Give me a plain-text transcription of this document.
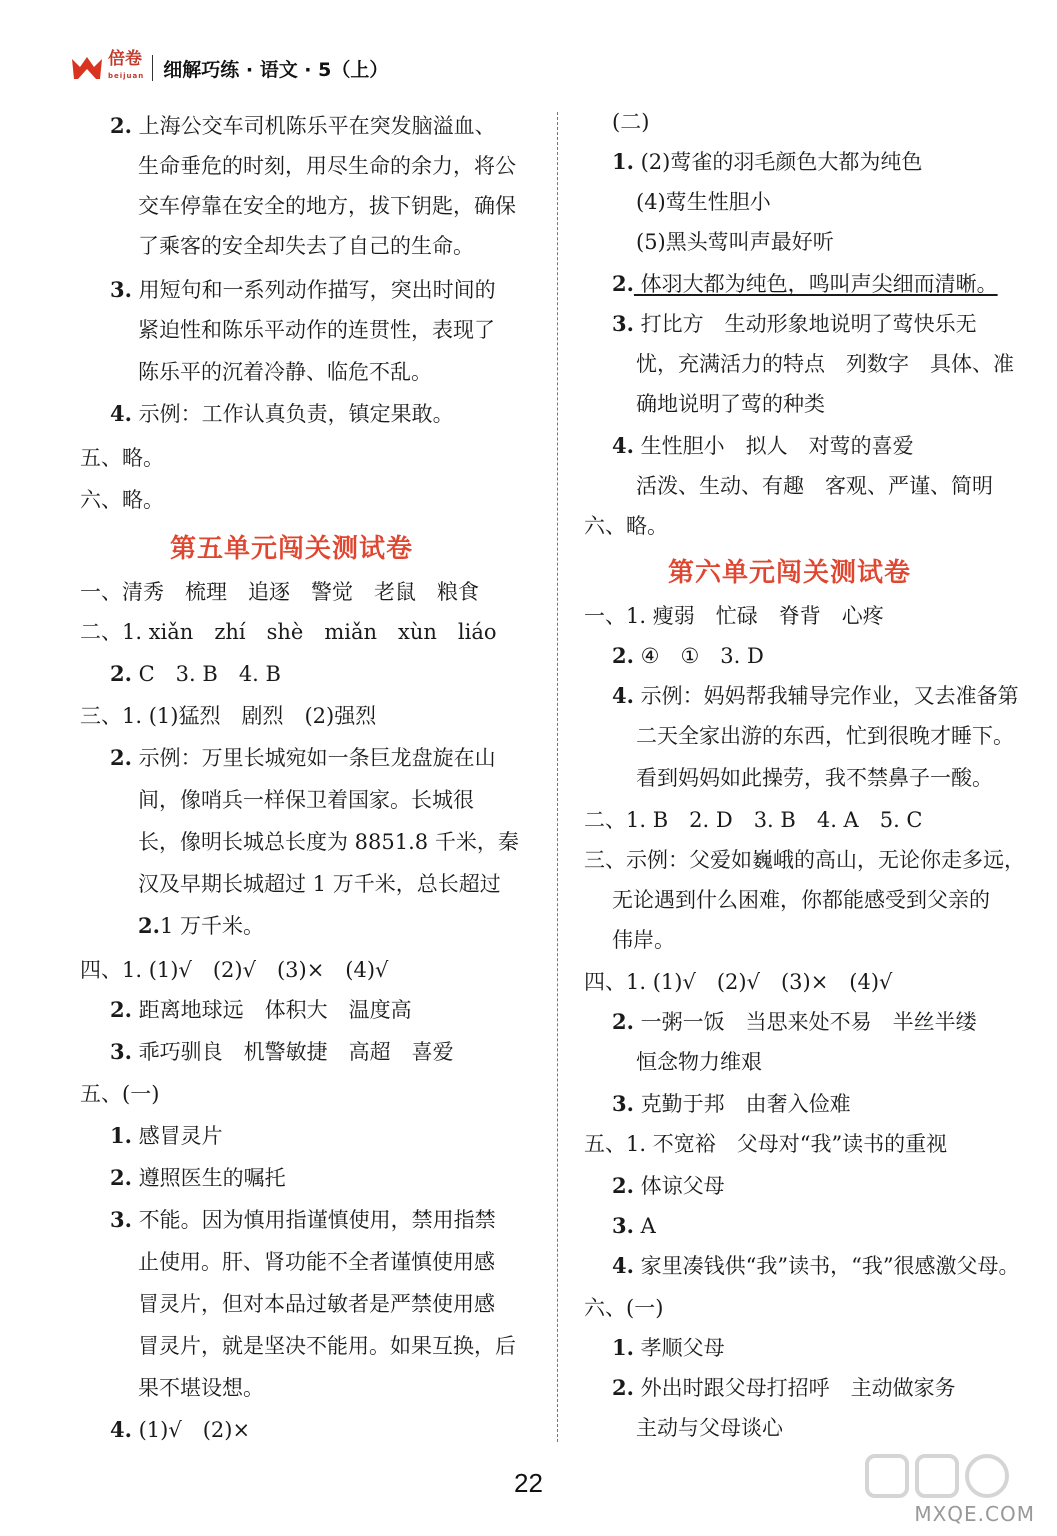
倍卷
beijuan 细解巧练 · 语文 · 5（上）
2. 上海公交车司机陈乐平在突发脑溢血、
生命垂危的时刻，用尽生命的余力，将公
交车停靠在安全的地方，拔下钥匙，确保
了乘客的安全却失去了自己的生命。
3. 用短句和一系列动作描写，突出时间的
紧迫性和陈乐平动作的连贯性，表现了
陈乐平的沉着冷静、临危不乱。
4. 示例：工作认真负责，镇定果敢。
五、略。
六、略。
第五单元闯关测试卷
一、清秀　梳理　追逐　警觉　老鼠　粮食
二、1. xiǎn　zhí　shè　miǎn　xùn　liáo
2. C　3. B　4. B
三、1. (1)猛烈　剧烈　(2)强烈
2. 示例：万里长城宛如一条巨龙盘旋在山
间，像哨兵一样保卫着国家。长城很
长，像明长城总长度为 8851.8 千米，秦
汉及早期长城超过 1 万千米，总长超过
2.1 万千米。
四、1. (1)√　(2)√　(3)×　(4)√
2. 距离地球远　体积大　温度高
3. 乖巧驯良　机警敏捷　高超　喜爱
五、(一)
1. 感冒灵片
2. 遵照医生的嘱托
3. 不能。因为慎用指谨慎使用，禁用指禁
止使用。肝、肾功能不全者谨慎使用感
冒灵片，但对本品过敏者是严禁使用感
冒灵片，就是坚决不能用。如果互换，后
果不堪设想。
4. (1)√　(2)×
(二)
1. (2)莺雀的羽毛颜色大都为纯色
(4)莺生性胆小
(5)黑头莺叫声最好听
2. 体羽大都为纯色，鸣叫声尖细而清晰。
3. 打比方　生动形象地说明了莺快乐无
忧，充满活力的特点　列数字　具体、准
确地说明了莺的种类
4. 生性胆小　拟人　对莺的喜爱
活泼、生动、有趣　客观、严谨、简明
六、略。
第六单元闯关测试卷
一、1. 瘦弱　忙碌　脊背　心疼
2. ④　①　3. D
4. 示例：妈妈帮我辅导完作业，又去准备第
二天全家出游的东西，忙到很晚才睡下。
看到妈妈如此操劳，我不禁鼻子一酸。
二、1. B　2. D　3. B　4. A　5. C
三、示例：父爱如巍峨的高山，无论你走多远，
无论遇到什么困难，你都能感受到父亲的
伟岸。
四、1. (1)√　(2)√　(3)×　(4)√
2. 一粥一饭　当思来处不易　半丝半缕
恒念物力维艰
3. 克勤于邦　由奢入俭难
五、1. 不宽裕　父母对“我”读书的重视
2. 体谅父母
3. A
4. 家里凑钱供“我”读书，“我”很感激父母。
六、(一)
1. 孝顺父母
2. 外出时跟父母打招呼　主动做家务
主动与父母谈心
22
MXQE.COM
